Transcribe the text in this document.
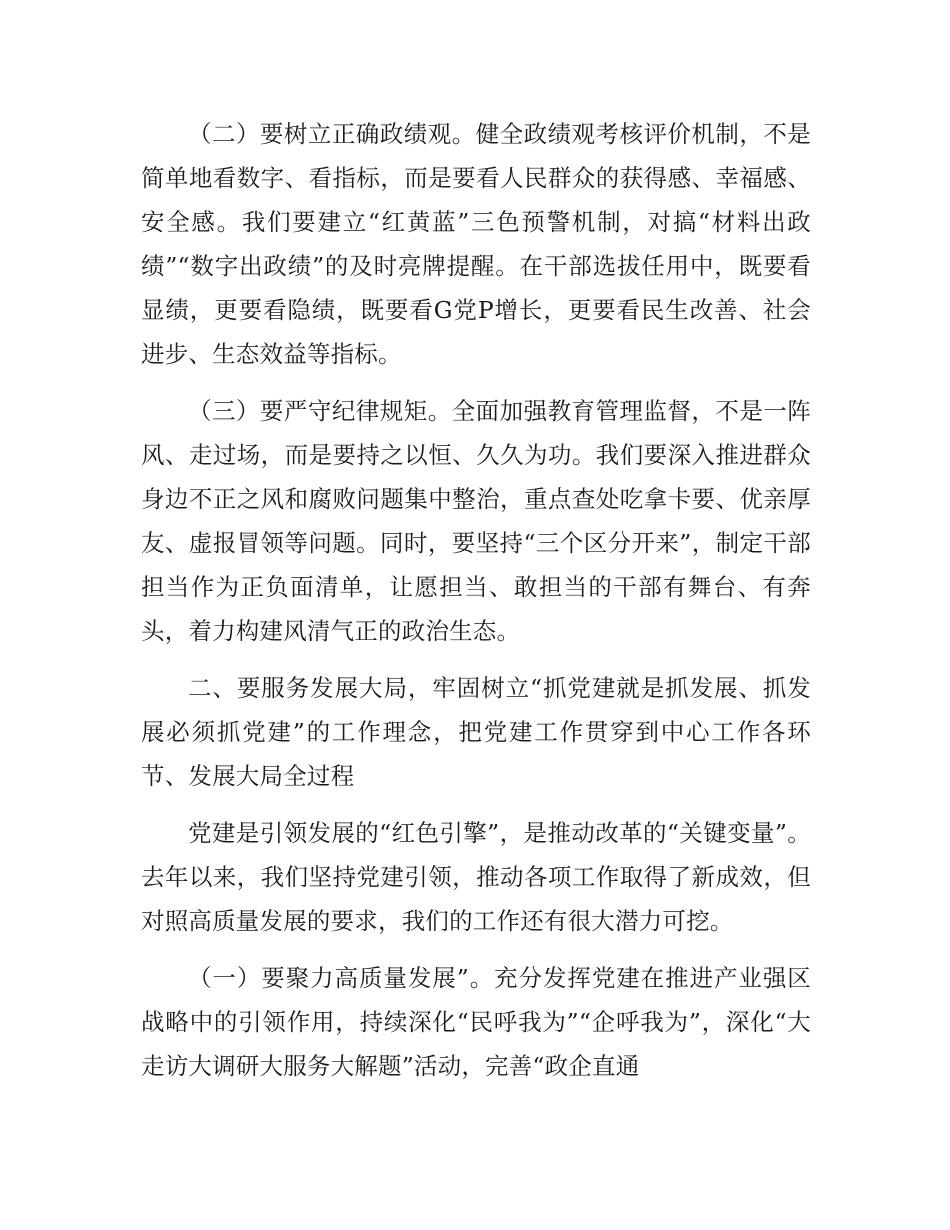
（二）要树立正确政绩观。健全政绩观考核评价机制，不是简单地看数字、看指标，而是要看人民群众的获得感、幸福感、安全感。我们要建立“红黄蓝”三色预警机制，对搞“材料出政绩”“数字出政绩”的及时亮牌提醒。在干部选拔任用中，既要看显绩，更要看隐绩，既要看G党P增长，更要看民生改善、社会进步、生态效益等指标。

（三）要严守纪律规矩。全面加强教育管理监督，不是一阵风、走过场，而是要持之以恒、久久为功。我们要深入推进群众身边不正之风和腐败问题集中整治，重点查处吃拿卡要、优亲厚友、虚报冒领等问题。同时，要坚持“三个区分开来”，制定干部担当作为正负面清单，让愿担当、敢担当的干部有舞台、有奔头，着力构建风清气正的政治生态。

二、要服务发展大局，牢固树立“抓党建就是抓发展、抓发展必须抓党建”的工作理念，把党建工作贯穿到中心工作各环节、发展大局全过程

党建是引领发展的“红色引擎”，是推动改革的“关键变量”。去年以来，我们坚持党建引领，推动各项工作取得了新成效，但对照高质量发展的要求，我们的工作还有很大潜力可挖。

（一）要聚力高质量发展”。充分发挥党建在推进产业强区战略中的引领作用，持续深化“民呼我为”“企呼我为”，深化“大走访大调研大服务大解题”活动，完善“政企直通
